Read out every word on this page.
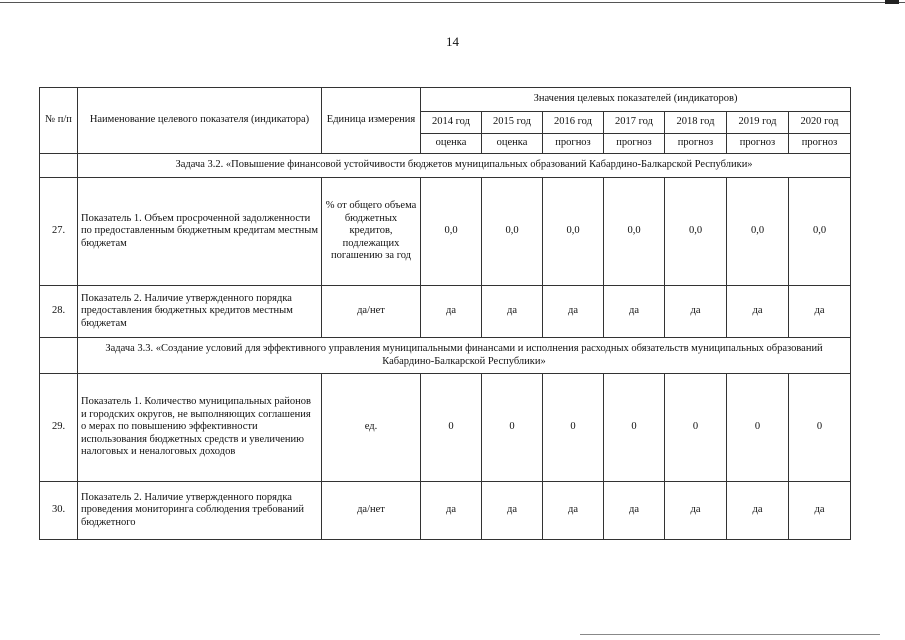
14
№ п/п	Наименование целевого показателя (индикатора)	Единица измерения	Значения целевых показателей (индикаторов)						
			2014 год	2015 год	2016 год	2017 год	2018 год	2019 год	2020 год
			оценка	оценка	прогноз	прогноз	прогноз	прогноз	прогноз
	Задача 3.2. «Повышение финансовой устойчивости бюджетов муниципальных образований Кабардино-Балкарской Республики»								
27.	Показатель 1. Объем просроченной задолженности по предоставленным бюджетным кредитам местным бюджетам	% от общего объема бюджетных кредитов, подлежащих погашению за год	0,0	0,0	0,0	0,0	0,0	0,0	0,0
28.	Показатель 2. Наличие утвержденного порядка предоставления бюджетных кредитов местным бюджетам	да/нет	да	да	да	да	да	да	да
	Задача 3.3. «Создание условий для эффективного управления муниципальными финансами и исполнения расходных обязательств муниципальных образований Кабардино-Балкарской Республики»								
29.	Показатель 1. Количество муниципальных районов и городских округов, не выполняющих соглашения о мерах по повышению эффективности использования бюджетных средств и увеличению налоговых и неналоговых доходов	ед.	0	0	0	0	0	0	0
30.	Показатель 2. Наличие утвержденного порядка проведения мониторинга соблюдения требований бюджетного	да/нет	да	да	да	да	да	да	да
